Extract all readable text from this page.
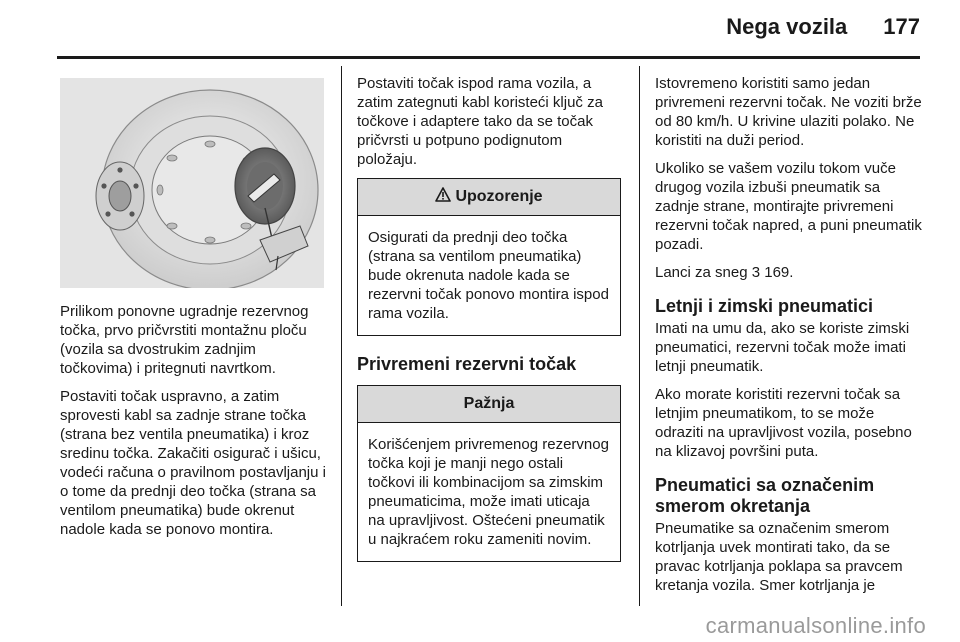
Nega vozila 177

Prilikom ponovne ugradnje rezervnog točka, prvo pričvrstiti montažnu ploču (vozila sa dvostrukim zadnjim točkovima) i pritegnuti navrtkom.

Postaviti točak uspravno, a zatim sprovesti kabl sa zadnje strane točka (strana bez ventila pneumatika) i kroz sredinu točka. Zakačiti osigurač i ušicu, vodeći računa o pravilnom postavljanju i o tome da prednji deo točka (strana sa ventilom pneumatika) bude okrenut nadole kada se ponovo montira.

Postaviti točak ispod rama vozila, a zatim zategnuti kabl koristeći ključ za točkove i adaptere tako da se točak pričvrsti u potpuno podignutom položaju.

Upozorenje
Osigurati da prednji deo točka (strana sa ventilom pneumatika) bude okrenuta nadole kada se rezervni točak ponovo montira ispod rama vozila.
Privremeni rezervni točak
Pažnja
Korišćenjem privremenog rezervnog točka koji je manji nego ostali točkovi ili kombinacijom sa zimskim pneumaticima, može imati uticaja na upravljivost. Oštećeni pneumatik u najkraćem roku zameniti novim.

Istovremeno koristiti samo jedan privremeni rezervni točak. Ne voziti brže od 80 km/h. U krivine ulaziti polako. Ne koristiti na duži period.

Ukoliko se vašem vozilu tokom vuče drugog vozila izbuši pneumatik sa zadnje strane, montirajte privremeni rezervni točak napred, a puni pneumatik pozadi.

Lanci za sneg 3 169.

Letnji i zimski pneumatici

Imati na umu da, ako se koriste zimski pneumatici, rezervni točak može imati letnji pneumatik.

Ako morate koristiti rezervni točak sa letnjim pneumatikom, to se može odraziti na upravljivost vozila, posebno na klizavoj površini puta.

Pneumatici sa označenim smerom okretanja

Pneumatike sa označenim smerom kotrljanja uvek montirati tako, da se pravac kotrljanja poklapa sa pravcem kretanja vozila. Smer kotrljanja je

carmanualsonline.info
